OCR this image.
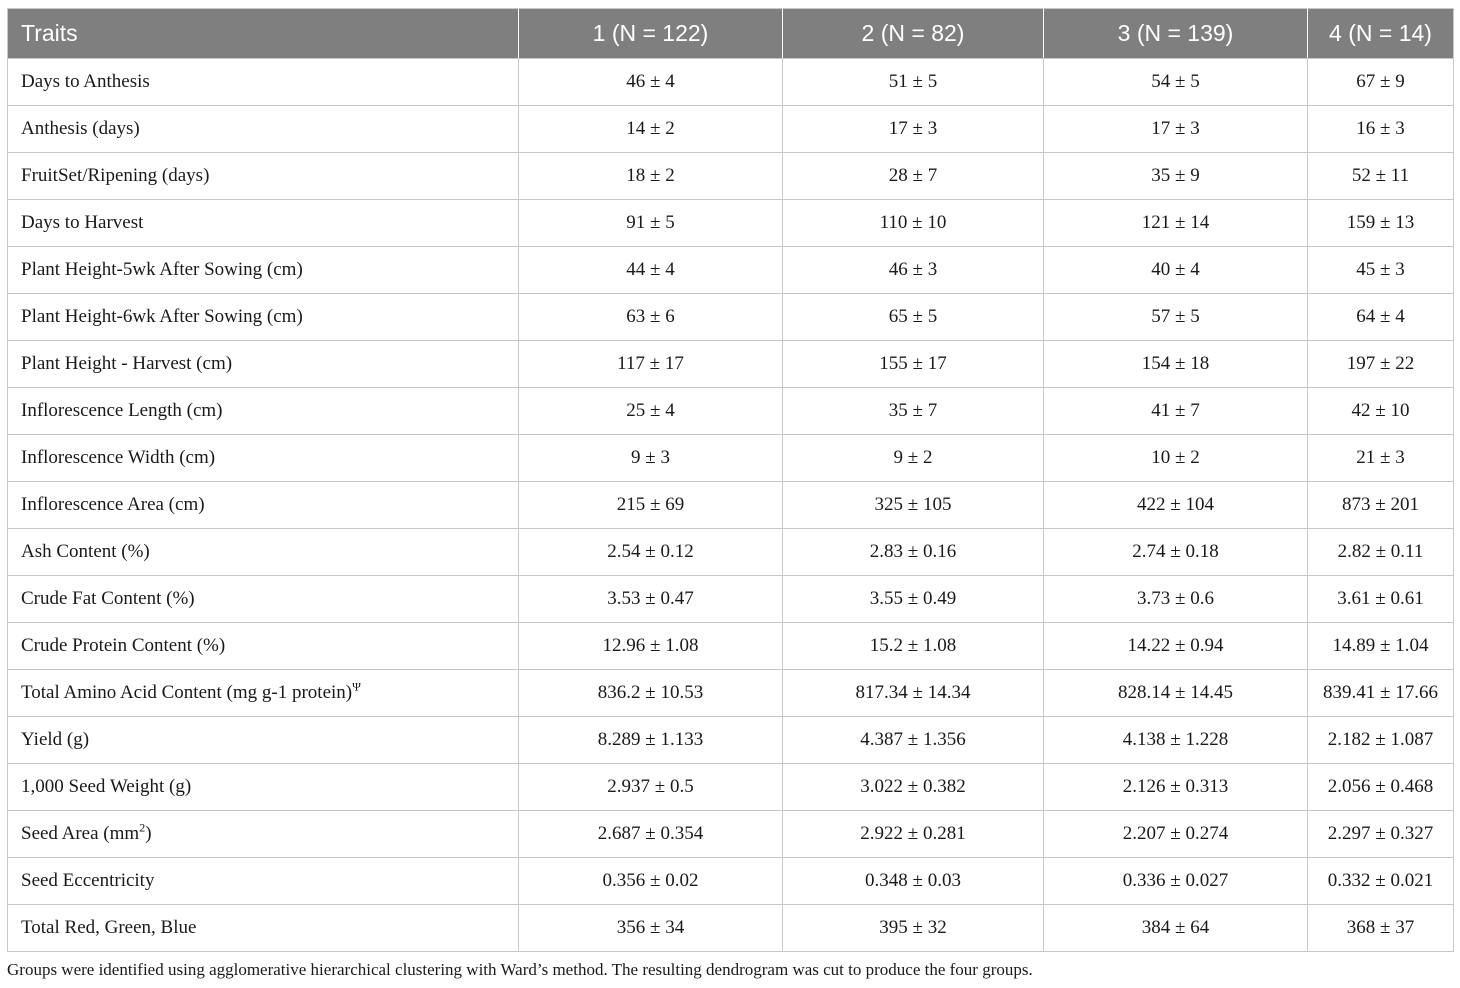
Traits	1 (N = 122)	2 (N = 82)	3 (N = 139)	4 (N = 14)
Days to Anthesis	46 ± 4	51 ± 5	54 ± 5	67 ± 9
Anthesis (days)	14 ± 2	17 ± 3	17 ± 3	16 ± 3
FruitSet/Ripening (days)	18 ± 2	28 ± 7	35 ± 9	52 ± 11
Days to Harvest	91 ± 5	110 ± 10	121 ± 14	159 ± 13
Plant Height-5wk After Sowing (cm)	44 ± 4	46 ± 3	40 ± 4	45 ± 3
Plant Height-6wk After Sowing (cm)	63 ± 6	65 ± 5	57 ± 5	64 ± 4
Plant Height - Harvest (cm)	117 ± 17	155 ± 17	154 ± 18	197 ± 22
Inflorescence Length (cm)	25 ± 4	35 ± 7	41 ± 7	42 ± 10
Inflorescence Width (cm)	9 ± 3	9 ± 2	10 ± 2	21 ± 3
Inflorescence Area (cm)	215 ± 69	325 ± 105	422 ± 104	873 ± 201
Ash Content (%)	2.54 ± 0.12	2.83 ± 0.16	2.74 ± 0.18	2.82 ± 0.11
Crude Fat Content (%)	3.53 ± 0.47	3.55 ± 0.49	3.73 ± 0.6	3.61 ± 0.61
Crude Protein Content (%)	12.96 ± 1.08	15.2 ± 1.08	14.22 ± 0.94	14.89 ± 1.04
Total Amino Acid Content (mg g-1 protein)$^\Psi$	836.2 ± 10.53	817.34 ± 14.34	828.14 ± 14.45	839.41 ± 17.66
Yield (g)	8.289 ± 1.133	4.387 ± 1.356	4.138 ± 1.228	2.182 ± 1.087
1,000 Seed Weight (g)	2.937 ± 0.5	3.022 ± 0.382	2.126 ± 0.313	2.056 ± 0.468
Seed Area $(mm^2)$	2.687 ± 0.354	2.922 ± 0.281	2.207 ± 0.274	2.297 ± 0.327
Seed Eccentricity	0.356 ± 0.02	0.348 ± 0.03	0.336 ± 0.027	0.332 ± 0.021
Total Red, Green, Blue	356 ± 34	395 ± 32	384 ± 64	368 ± 37
Groups were identified using agglomerative hierarchical clustering with Ward’s method. The resulting dendrogram was cut to produce the four groups.
